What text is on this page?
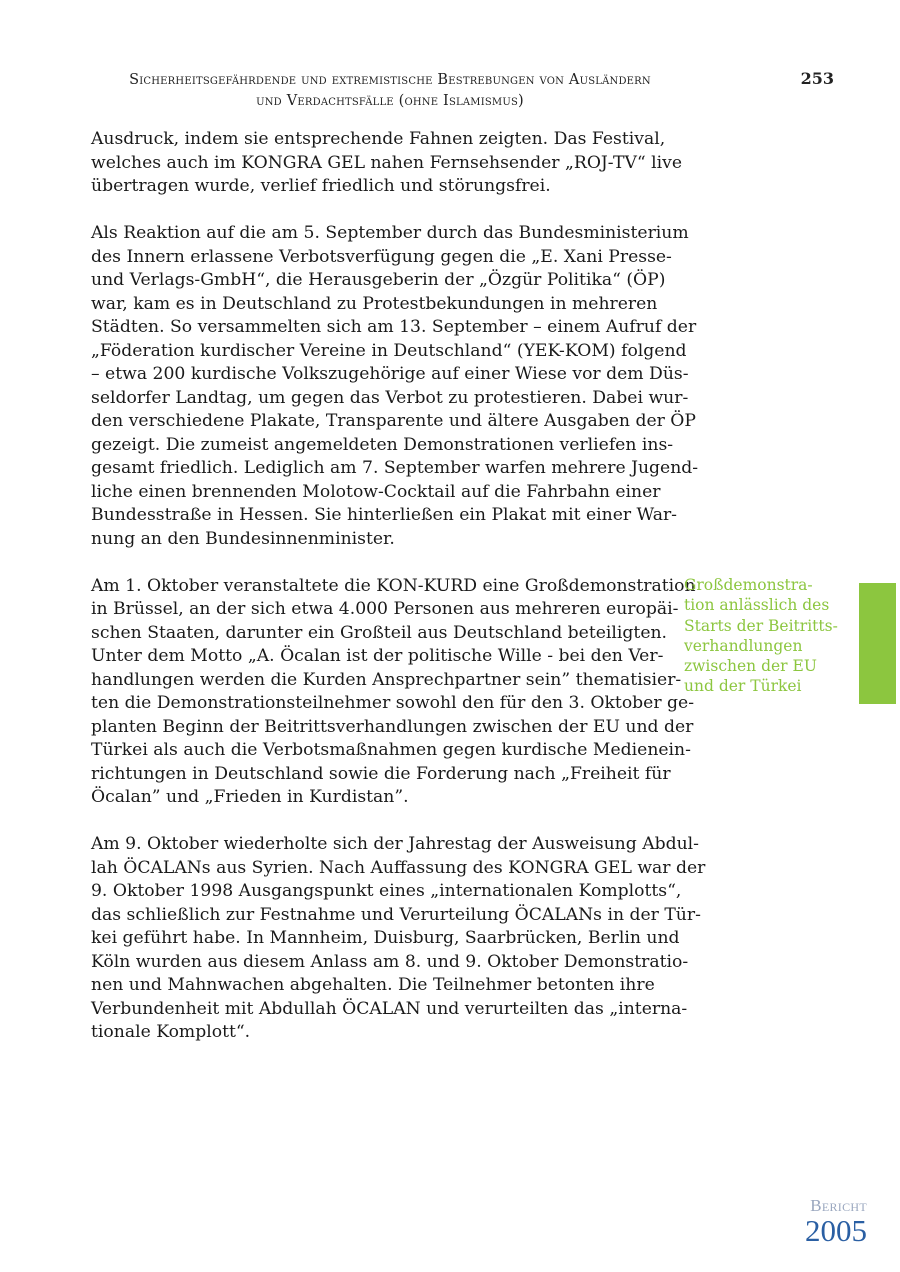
Sicherheitsgefährdende und extremistische Bestrebungen von Ausländern
und Verdachtsfälle (ohne Islamismus)
253

Ausdruck, indem sie entsprechende Fahnen zeigten. Das Festival,
welches auch im KONGRA GEL nahen Fernsehsender „ROJ-TV“ live
übertragen wurde, verlief friedlich und störungsfrei.

Als Reaktion auf die am 5. September durch das Bundesministerium
des Innern erlassene Verbotsverfügung gegen die „E. Xani Presse-
und Verlags-GmbH“, die Herausgeberin der „Özgür Politika“ (ÖP)
war, kam es in Deutschland zu Protestbekundungen in mehreren
Städten. So versammelten sich am 13. September – einem Aufruf der
„Föderation kurdischer Vereine in Deutschland“ (YEK-KOM) folgend
– etwa 200 kurdische Volkszugehörige auf einer Wiese vor dem Düs-
seldorfer Landtag, um gegen das Verbot zu protestieren. Dabei wur-
den verschiedene Plakate, Transparente und ältere Ausgaben der ÖP
gezeigt. Die zumeist angemeldeten Demonstrationen verliefen ins-
gesamt friedlich. Lediglich am 7. September warfen mehrere Jugend-
liche einen brennenden Molotow-Cocktail auf die Fahrbahn einer
Bundesstraße in Hessen. Sie hinterließen ein Plakat mit einer War-
nung an den Bundesinnenminister.

Am 1. Oktober veranstaltete die KON-KURD eine Großdemonstration
in Brüssel, an der sich etwa 4.000 Personen aus mehreren europäi-
schen Staaten, darunter ein Großteil aus Deutschland beteiligten.
Unter dem Motto „A. Öcalan ist der politische Wille - bei den Ver-
handlungen werden die Kurden Ansprechpartner sein” thematisier-
ten die Demonstrationsteilnehmer sowohl den für den 3. Oktober ge-
planten Beginn der Beitrittsverhandlungen zwischen der EU und der
Türkei als auch die Verbotsmaßnahmen gegen kurdische Medienein-
richtungen in Deutschland sowie die Forderung nach „Freiheit für
Öcalan” und „Frieden in Kurdistan”.

Am 9. Oktober wiederholte sich der Jahrestag der Ausweisung Abdul-
lah ÖCALANs aus Syrien. Nach Auffassung des KONGRA GEL war der
9. Oktober 1998 Ausgangspunkt eines „internationalen Komplotts“,
das schließlich zur Festnahme und Verurteilung ÖCALANs in der Tür-
kei geführt habe. In Mannheim, Duisburg, Saarbrücken, Berlin und
Köln wurden aus diesem Anlass am 8. und 9. Oktober Demonstratio-
nen und Mahnwachen abgehalten. Die Teilnehmer betonten ihre
Verbundenheit mit Abdullah ÖCALAN und verurteilten das „interna-
tionale Komplott“.

Großdemonstra-
tion anlässlich des
Starts der Beitritts-
verhandlungen
zwischen der EU
und der Türkei
Bericht
2005
